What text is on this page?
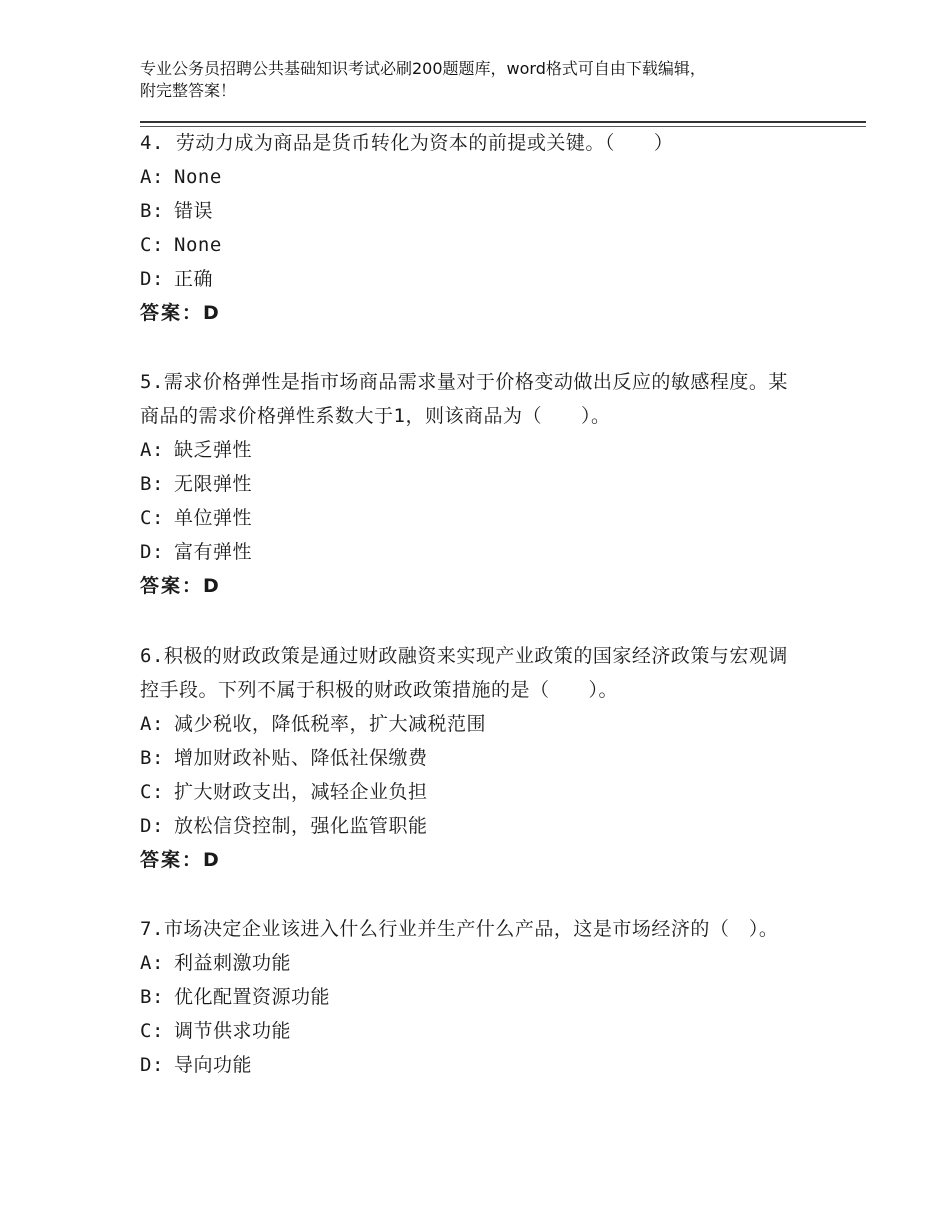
专业公务员招聘公共基础知识考试必刷200题题库，word格式可自由下载编辑，
附完整答案！
4. 劳动力成为商品是货币转化为资本的前提或关键。（　　）
A: None
B: 错误
C: None
D: 正确
答案：D
5.需求价格弹性是指市场商品需求量对于价格变动做出反应的敏感程度。某商品的需求价格弹性系数大于1，则该商品为（　　）。
A: 缺乏弹性
B: 无限弹性
C: 单位弹性
D: 富有弹性
答案：D
6.积极的财政政策是通过财政融资来实现产业政策的国家经济政策与宏观调控手段。下列不属于积极的财政政策措施的是（　　）。
A: 减少税收，降低税率，扩大减税范围
B: 增加财政补贴、降低社保缴费
C: 扩大财政支出，减轻企业负担
D: 放松信贷控制，强化监管职能
答案：D
7.市场决定企业该进入什么行业并生产什么产品，这是市场经济的（　）。
A: 利益刺激功能
B: 优化配置资源功能
C: 调节供求功能
D: 导向功能
